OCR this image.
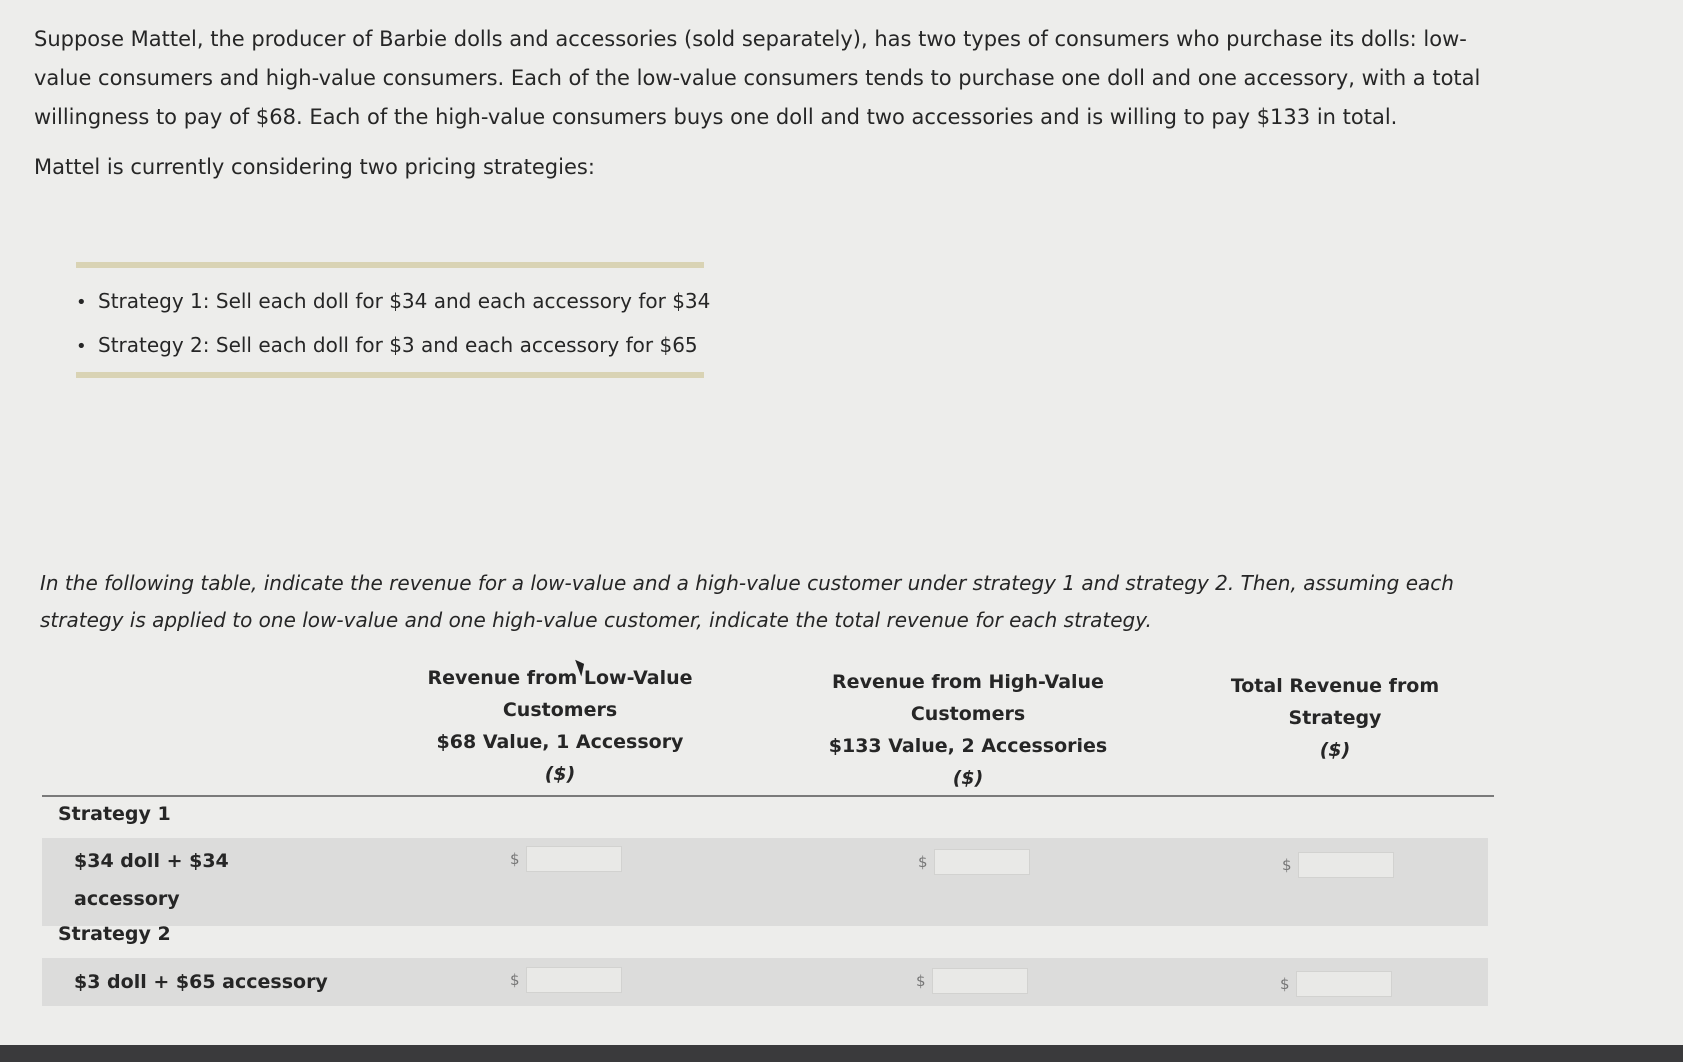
Suppose Mattel, the producer of Barbie dolls and accessories (sold separately), has two types of consumers who purchase its dolls: low-value consumers and high-value consumers. Each of the low-value consumers tends to purchase one doll and one accessory, with a total willingness to pay of $68. Each of the high-value consumers buys one doll and two accessories and is willing to pay $133 in total.
Mattel is currently considering two pricing strategies:
• Strategy 1: Sell each doll for $34 and each accessory for $34
• Strategy 2: Sell each doll for $3 and each accessory for $65
In the following table, indicate the revenue for a low-value and a high-value customer under strategy 1 and strategy 2. Then, assuming each strategy is applied to one low-value and one high-value customer, indicate the total revenue for each strategy.
Revenue from Low-Value
Customers
$68 Value, 1 Accessory
($)
Revenue from High-Value
Customers
$133 Value, 2 Accessories
($)
Total Revenue from
Strategy
($)
Strategy 1
$34 doll + $34 accessory
$	$	$
Strategy 2
$3 doll + $65 accessory	$	$	$
